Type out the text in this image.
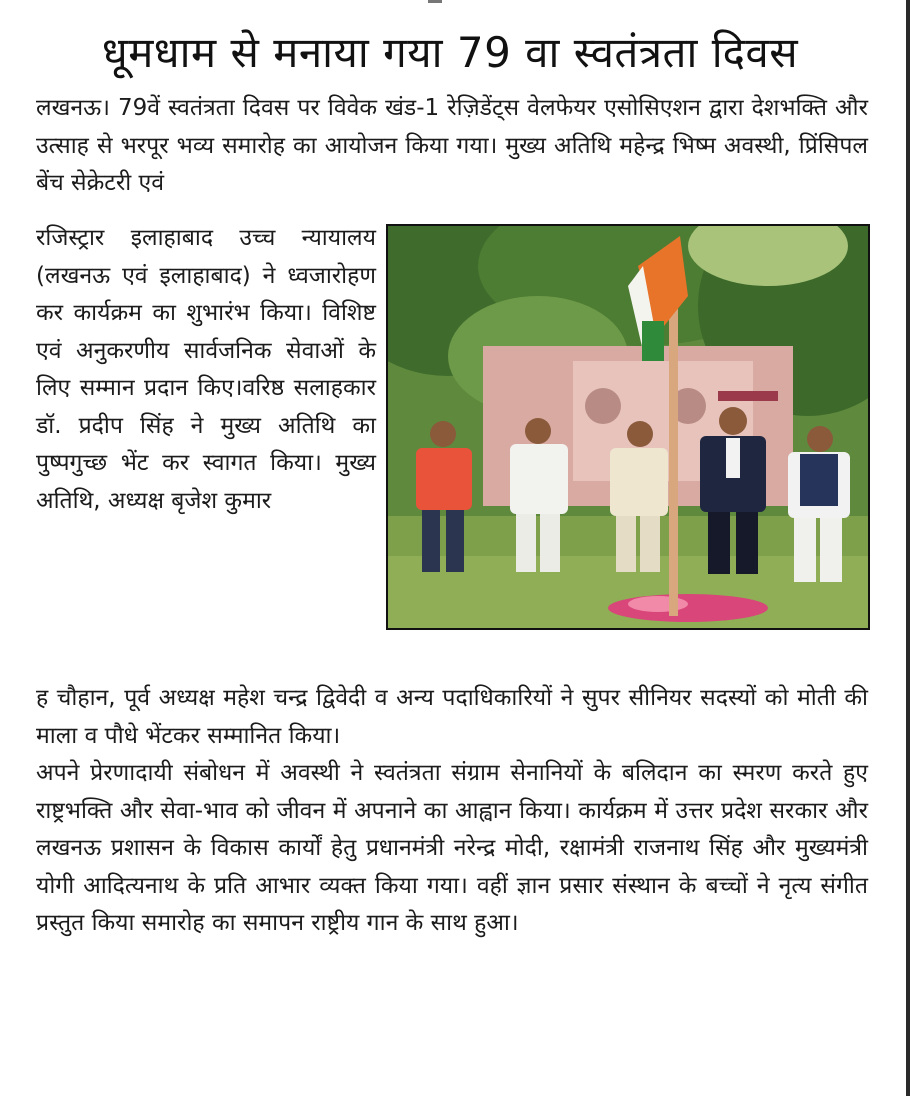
धूमधाम से मनाया गया 79 वा स्वतंत्रता दिवस

लखनऊ। 79वें स्वतंत्रता दिवस पर विवेक खंड-1 रेज़िडेंट्स वेलफेयर एसोसिएशन द्वारा देशभक्ति और उत्साह से भरपूर भव्य समारोह का आयोजन किया गया। मुख्य अतिथि महेन्द्र भिष्म अवस्थी, प्रिंसिपल बेंच सेक्रेटरी एवं

रजिस्ट्रार इलाहाबाद उच्च न्यायालय (लखनऊ एवं इलाहाबाद) ने ध्वजारोहण कर कार्यक्रम का शुभारंभ किया। विशिष्ट एवं अनुकरणीय सार्वजनिक सेवाओं के लिए सम्मान प्रदान किए।वरिष्ठ सलाहकार डॉ. प्रदीप सिंह ने मुख्य अतिथि का पुष्पगुच्छ भेंट कर स्वागत किया। मुख्य अतिथि, अध्यक्ष बृजेश कुमार

ह चौहान, पूर्व अध्यक्ष महेश चन्द्र द्विवेदी व अन्य पदाधिकारियों ने सुपर सीनियर सदस्यों को मोती की माला व पौधे भेंटकर सम्मानित किया।

अपने प्रेरणादायी संबोधन में अवस्थी ने स्वतंत्रता संग्राम सेनानियों के बलिदान का स्मरण करते हुए राष्ट्रभक्ति और सेवा-भाव को जीवन में अपनाने का आह्वान किया। कार्यक्रम में उत्तर प्रदेश सरकार और लखनऊ प्रशासन के विकास कार्यों हेतु प्रधानमंत्री नरेन्द्र मोदी, रक्षामंत्री राजनाथ सिंह और मुख्यमंत्री योगी आदित्यनाथ के प्रति आभार व्यक्त किया गया। वहीं ज्ञान प्रसार संस्थान के बच्चों ने नृत्य संगीत प्रस्तुत किया समारोह का समापन राष्ट्रीय गान के साथ हुआ।
